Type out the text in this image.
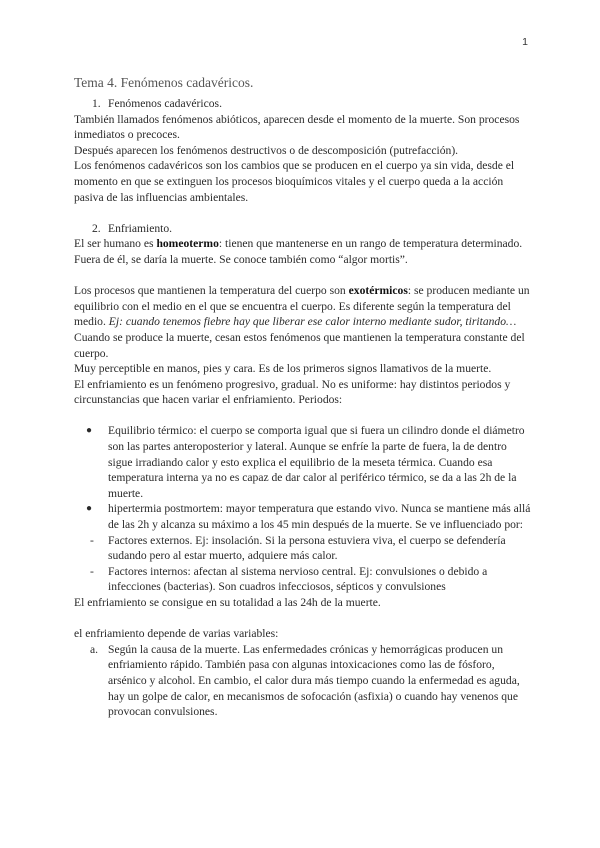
1
Tema 4. Fenómenos cadavéricos.
1. Fenómenos cadavéricos.

También llamados fenómenos abióticos, aparecen desde el momento de la muerte. Son procesos inmediatos o precoces.

Después aparecen los fenómenos destructivos o de descomposición (putrefacción).

Los fenómenos cadavéricos son los cambios que se producen en el cuerpo ya sin vida, desde el momento en que se extinguen los procesos bioquímicos vitales y el cuerpo queda a la acción pasiva de las influencias ambientales.

2. Enfriamiento.

El ser humano es homeotermo: tienen que mantenerse en un rango de temperatura determinado. Fuera de él, se daría la muerte. Se conoce también como “algor mortis”.

Los procesos que mantienen la temperatura del cuerpo son exotérmicos: se producen mediante un equilibrio con el medio en el que se encuentra el cuerpo. Es diferente según la temperatura del medio. Ej: cuando tenemos fiebre hay que liberar ese calor interno mediante sudor, tiritando…

Cuando se produce la muerte, cesan estos fenómenos que mantienen la temperatura constante del cuerpo.

Muy perceptible en manos, pies y cara. Es de los primeros signos llamativos de la muerte.

El enfriamiento es un fenómeno progresivo, gradual. No es uniforme: hay distintos periodos y circunstancias que hacen variar el enfriamiento. Periodos:

●	Equilibrio térmico: el cuerpo se comporta igual que si fuera un cilindro donde el diámetro son las partes anteroposterior y lateral. Aunque se enfríe la parte de fuera, la de dentro sigue irradiando calor y esto explica el equilibrio de la meseta térmica. Cuando esa temperatura interna ya no es capaz de dar calor al periférico térmico, se da a las 2h de la muerte.
●	hipertermia postmortem: mayor temperatura que estando vivo. Nunca se mantiene más allá de las 2h y alcanza su máximo a los 45 min después de la muerte. Se ve influenciado por:
-	Factores externos. Ej: insolación. Si la persona estuviera viva, el cuerpo se defendería sudando pero al estar muerto, adquiere más calor.
-	Factores internos: afectan al sistema nervioso central. Ej: convulsiones o debido a infecciones (bacterias). Son cuadros infecciosos, sépticos y convulsiones

El enfriamiento se consigue en su totalidad a las 24h de la muerte.

el enfriamiento depende de varias variables:

a. Según la causa de la muerte. Las enfermedades crónicas y hemorrágicas producen un enfriamiento rápido. También pasa con algunas intoxicaciones como las de fósforo, arsénico y alcohol. En cambio, el calor dura más tiempo cuando la enfermedad es aguda, hay un golpe de calor, en mecanismos de sofocación (asfixia) o cuando hay venenos que provocan convulsiones.
